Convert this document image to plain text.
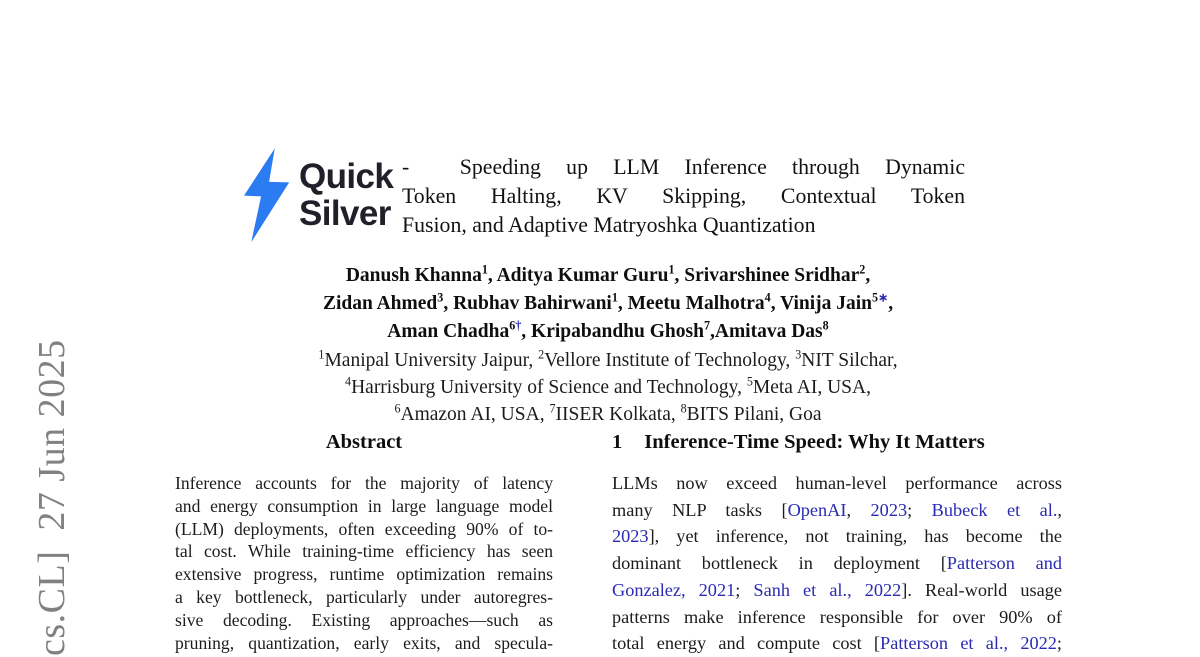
cs.CL]  27 Jun 2025
Quick
Silver
-  Speeding up LLM Inference through Dynamic
Token Halting, KV Skipping, Contextual Token
Fusion, and Adaptive Matryoshka Quantization
Danush Khanna$^1$, Aditya Kumar Guru$^1$, Srivarshinee Sridhar$^2$,
Zidan Ahmed$^3$, Rubhav Bahirwani$^1$, Meetu Malhotra$^4$, Vinija Jain$^{5∗}$,
Aman Chadha$^{6\dagger}$, Kripabandhu Ghosh$^7$,Amitava Das$^8$
$^1$Manipal University Jaipur, $^2$Vellore Institute of Technology, $^3$NIT Silchar,
$^4$Harrisburg University of Science and Technology, $^5$Meta AI, USA,
$^6$Amazon AI, USA, $^7$IISER Kolkata, $^8$BITS Pilani, Goa
Abstract
Inference accounts for the majority of latency
and energy consumption in large language model
(LLM) deployments, often exceeding 90% of to-
tal cost. While training-time efficiency has seen
extensive progress, runtime optimization remains
a key bottleneck, particularly under autoregres-
sive decoding. Existing approaches—such as
pruning, quantization, early exits, and specula-
1 Inference-Time Speed: Why It Matters
LLMs now exceed human-level performance across
many NLP tasks [OpenAI, 2023; Bubeck et al.,
2023], yet inference, not training, has become the
dominant bottleneck in deployment [Patterson and
Gonzalez, 2021; Sanh et al., 2022]. Real-world usage
patterns make inference responsible for over 90% of
total energy and compute cost [Patterson et al., 2022;
